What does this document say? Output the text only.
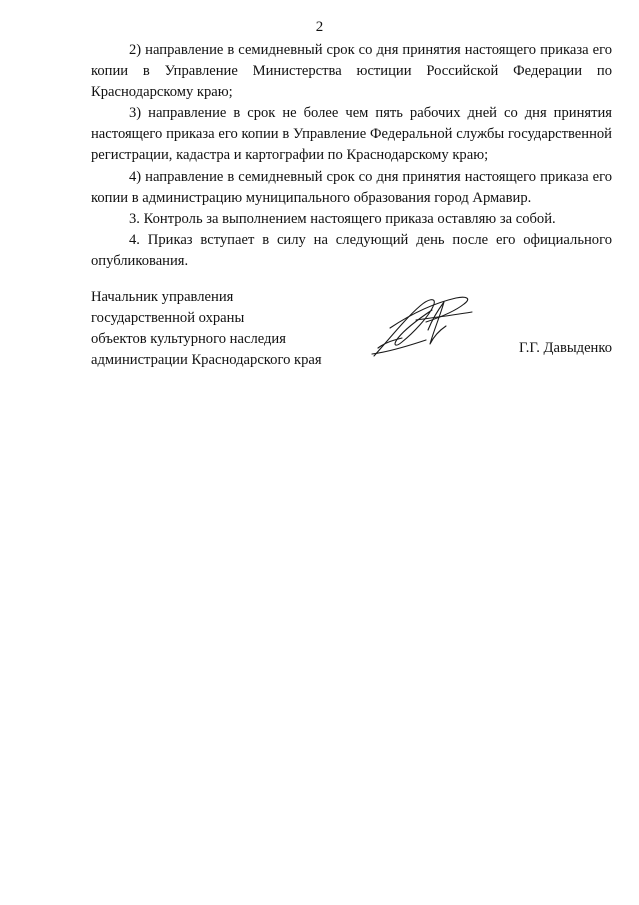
2

2) направление в семидневный срок со дня принятия настоящего приказа его копии в Управление Министерства юстиции Российской Федерации по Краснодарскому краю;

3) направление в срок не более чем пять рабочих дней со дня принятия настоящего приказа его копии в Управление Федеральной службы государственной регистрации, кадастра и картографии по Краснодарскому краю;

4) направление в семидневный срок со дня принятия настоящего приказа его копии в администрацию муниципального образования город Армавир.

3. Контроль за выполнением настоящего приказа оставляю за собой.

4. Приказ вступает в силу на следующий день после его официального опубликования.

Начальник управления
государственной охраны
объектов культурного наследия
администрации Краснодарского края
Г.Г. Давыденко
